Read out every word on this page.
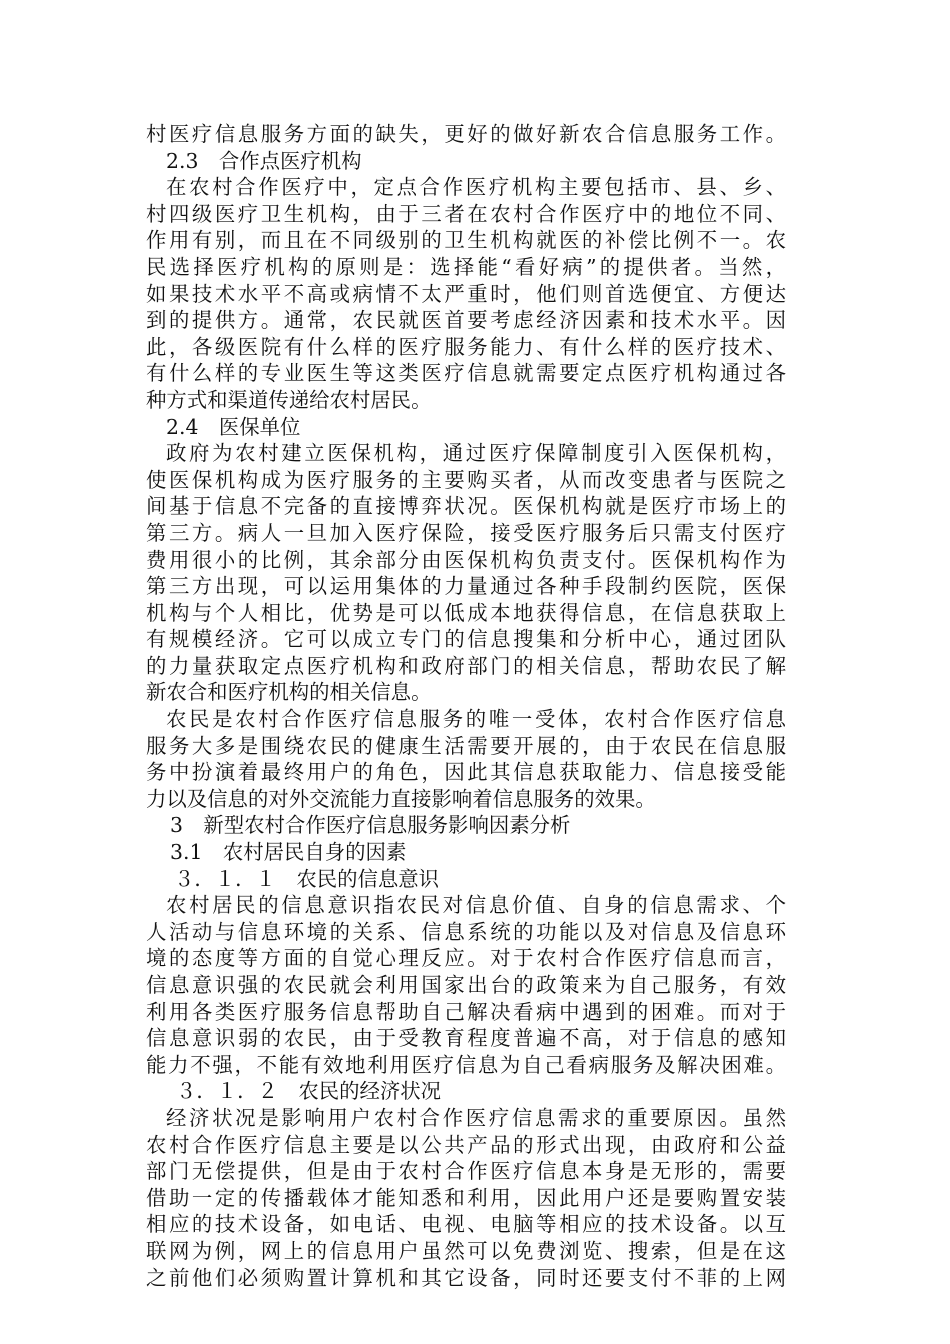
村医疗信息服务方面的缺失，更好的做好新农合信息服务工作。
2.3　合作点医疗机构
在农村合作医疗中，定点合作医疗机构主要包括市、县、乡、
村四级医疗卫生机构，由于三者在农村合作医疗中的地位不同、
作用有别，而且在不同级别的卫生机构就医的补偿比例不一。农
民选择医疗机构的原则是：选择能“看好病”的提供者。当然，
如果技术水平不高或病情不太严重时，他们则首选便宜、方便达
到的提供方。通常，农民就医首要考虑经济因素和技术水平。因
此，各级医院有什么样的医疗服务能力、有什么样的医疗技术、
有什么样的专业医生等这类医疗信息就需要定点医疗机构通过各
种方式和渠道传递给农村居民。
2.4　医保单位
政府为农村建立医保机构，通过医疗保障制度引入医保机构，
使医保机构成为医疗服务的主要购买者，从而改变患者与医院之
间基于信息不完备的直接博弈状况。医保机构就是医疗市场上的
第三方。病人一旦加入医疗保险，接受医疗服务后只需支付医疗
费用很小的比例，其余部分由医保机构负责支付。医保机构作为
第三方出现，可以运用集体的力量通过各种手段制约医院，医保
机构与个人相比，优势是可以低成本地获得信息，在信息获取上
有规模经济。它可以成立专门的信息搜集和分析中心，通过团队
的力量获取定点医疗机构和政府部门的相关信息，帮助农民了解
新农合和医疗机构的相关信息。
农民是农村合作医疗信息服务的唯一受体，农村合作医疗信息
服务大多是围绕农民的健康生活需要开展的，由于农民在信息服
务中扮演着最终用户的角色，因此其信息获取能力、信息接受能
力以及信息的对外交流能力直接影响着信息服务的效果。
3　新型农村合作医疗信息服务影响因素分析
3.1　农村居民自身的因素
３．１．１　农民的信息意识
农村居民的信息意识指农民对信息价值、自身的信息需求、个
人活动与信息环境的关系、信息系统的功能以及对信息及信息环
境的态度等方面的自觉心理反应。对于农村合作医疗信息而言，
信息意识强的农民就会利用国家出台的政策来为自己服务，有效
利用各类医疗服务信息帮助自己解决看病中遇到的困难。而对于
信息意识弱的农民，由于受教育程度普遍不高，对于信息的感知
能力不强，不能有效地利用医疗信息为自己看病服务及解决困难。
３．１．２　农民的经济状况
经济状况是影响用户农村合作医疗信息需求的重要原因。虽然
农村合作医疗信息主要是以公共产品的形式出现，由政府和公益
部门无偿提供，但是由于农村合作医疗信息本身是无形的，需要
借助一定的传播载体才能知悉和利用，因此用户还是要购置安装
相应的技术设备，如电话、电视、电脑等相应的技术设备。以互
联网为例，网上的信息用户虽然可以免费浏览、搜索，但是在这
之前他们必须购置计算机和其它设备，同时还要支付不菲的上网
